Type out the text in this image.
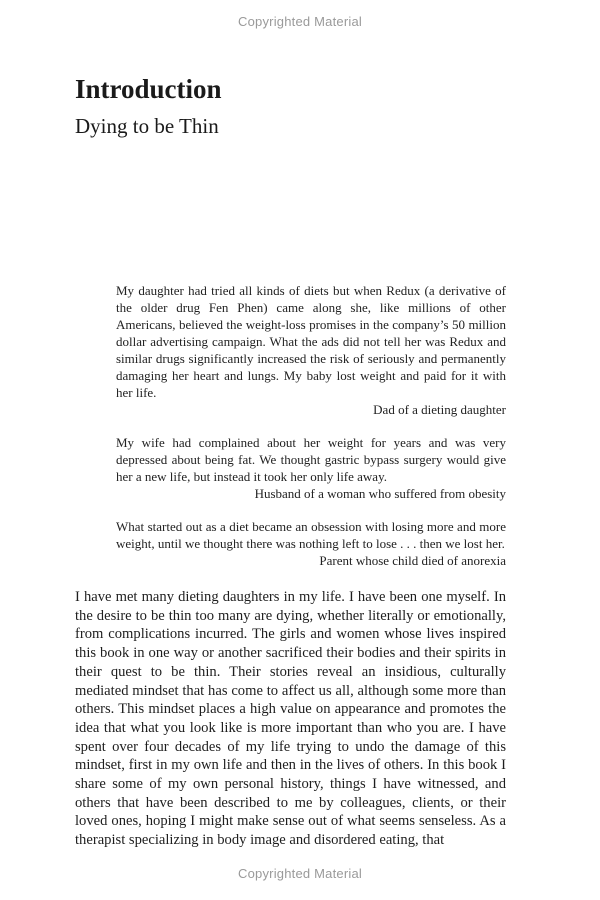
Copyrighted Material
Introduction
Dying to be Thin

My daughter had tried all kinds of diets but when Redux (a derivative of the older drug Fen Phen) came along she, like millions of other Americans, believed the weight-loss promises in the company’s 50 million dollar advertising campaign. What the ads did not tell her was Redux and similar drugs significantly increased the risk of seriously and permanently damaging her heart and lungs. My baby lost weight and paid for it with her life.

Dad of a dieting daughter

My wife had complained about her weight for years and was very depressed about being fat. We thought gastric bypass surgery would give her a new life, but instead it took her only life away.

Husband of a woman who suffered from obesity

What started out as a diet became an obsession with losing more and more weight, until we thought there was nothing left to lose . . . then we lost her.

Parent whose child died of anorexia

I have met many dieting daughters in my life. I have been one myself. In the desire to be thin too many are dying, whether literally or emotionally, from complications incurred. The girls and women whose lives inspired this book in one way or another sacrificed their bodies and their spirits in their quest to be thin. Their stories reveal an insidious, culturally mediated mindset that has come to affect us all, although some more than others. This mindset places a high value on appearance and promotes the idea that what you look like is more important than who you are. I have spent over four decades of my life trying to undo the damage of this mindset, first in my own life and then in the lives of others. In this book I share some of my own personal history, things I have witnessed, and others that have been described to me by colleagues, clients, or their loved ones, hoping I might make sense out of what seems senseless. As a therapist specializing in body image and disordered eating, that

Copyrighted Material
